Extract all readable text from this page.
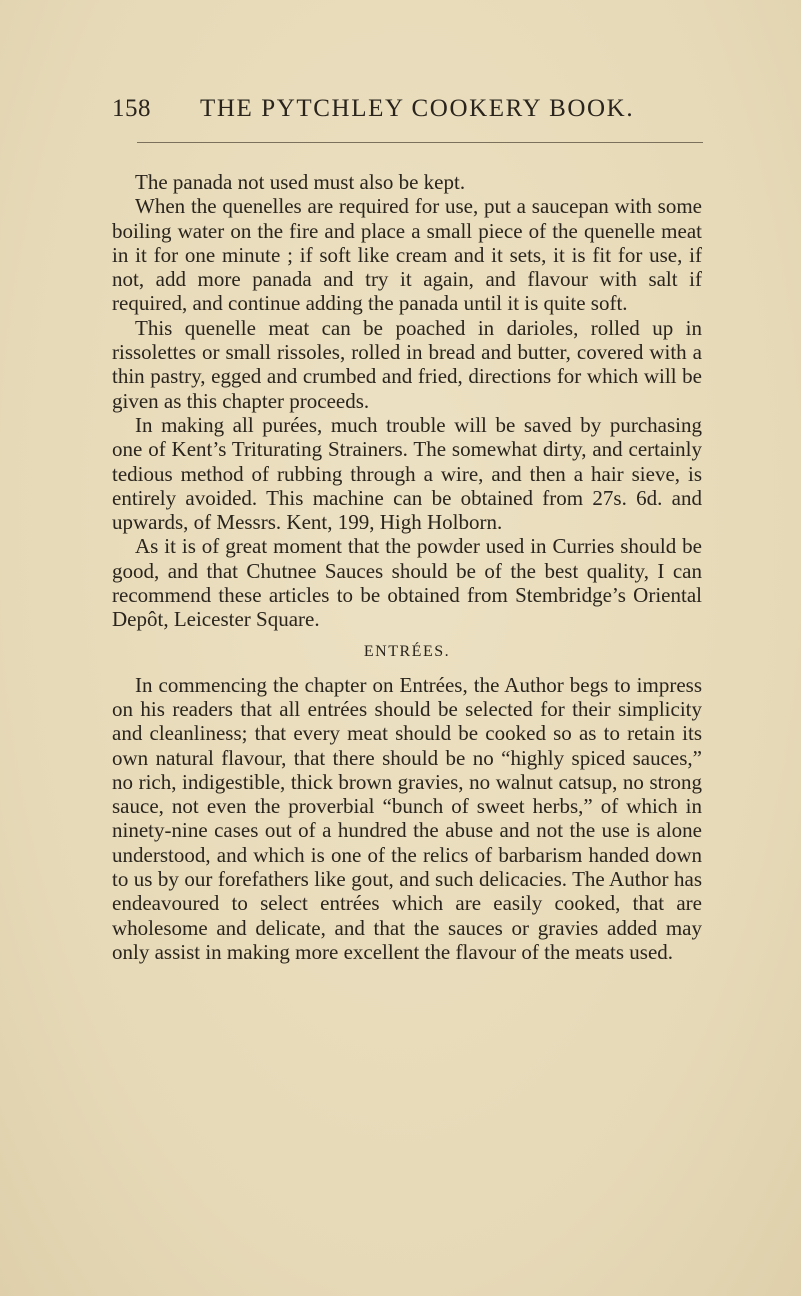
158 THE PYTCHLEY COOKERY BOOK.

The panada not used must also be kept.

When the quenelles are required for use, put a saucepan with some boiling water on the fire and place a small piece of the quenelle meat in it for one minute ; if soft like cream and it sets, it is fit for use, if not, add more panada and try it again, and flavour with salt if required, and continue adding the panada until it is quite soft.

This quenelle meat can be poached in darioles, rolled up in rissolettes or small rissoles, rolled in bread and butter, covered with a thin pastry, egged and crumbed and fried, directions for which will be given as this chapter proceeds.

In making all purées, much trouble will be saved by purchasing one of Kent’s Triturating Strainers. The somewhat dirty, and certainly tedious method of rubbing through a wire, and then a hair sieve, is entirely avoided. This machine can be obtained from 27s. 6d. and upwards, of Messrs. Kent, 199, High Holborn.

As it is of great moment that the powder used in Curries should be good, and that Chutnee Sauces should be of the best quality, I can recommend these articles to be obtained from Stembridge’s Oriental Depôt, Leicester Square.

ENTRÉES.

In commencing the chapter on Entrées, the Author begs to impress on his readers that all entrées should be selected for their simplicity and cleanliness; that every meat should be cooked so as to retain its own natural flavour, that there should be no “highly spiced sauces,” no rich, indigestible, thick brown gravies, no walnut catsup, no strong sauce, not even the proverbial “bunch of sweet herbs,” of which in ninety-nine cases out of a hundred the abuse and not the use is alone understood, and which is one of the relics of barbarism handed down to us by our forefathers like gout, and such delicacies. The Author has endeavoured to select entrées which are easily cooked, that are wholesome and delicate, and that the sauces or gravies added may only assist in making more excellent the flavour of the meats used.
